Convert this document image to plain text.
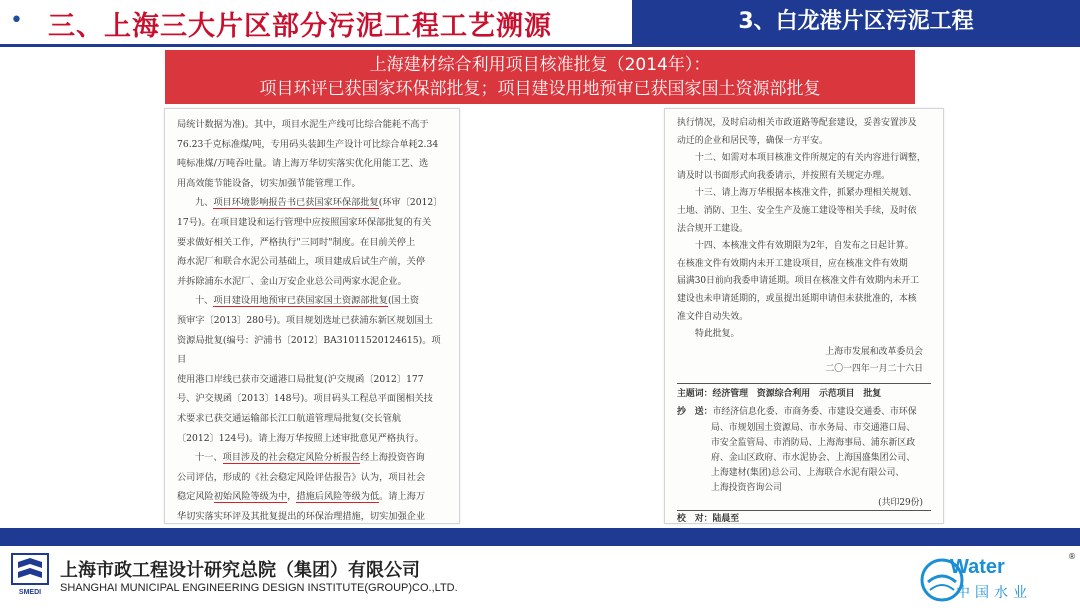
• 三、上海三大片区部分污泥工程工艺溯源	3、白龙港片区污泥工程
上海建材综合利用项目核准批复（2014年）：
项目环评已获国家环保部批复；项目建设用地预审已获国家国土资源部批复

局统计数据为准)。其中，项目水泥生产线可比综合能耗不高于

76.23千克标准煤/吨，专用码头装卸生产设计可比综合单耗2.34

吨标准煤/万吨吞吐量。请上海万华切实落实优化用能工艺、选

用高效能节能设备，切实加强节能管理工作。

九、项目环境影响报告书已获国家环保部批复(环审〔2012〕

17号)。在项目建设和运行管理中应按照国家环保部批复的有关

要求做好相关工作，严格执行"三同时"制度。在目前关停上

海水泥厂和联合水泥公司基础上，项目建成后试生产前，关停

并拆除浦东水泥厂、金山万安企业总公司两家水泥企业。

十、项目建设用地预审已获国家国土资源部批复(国土资

预审字〔2013〕280号)。项目规划选址已获浦东新区规划国土

资源局批复(编号：沪浦书〔2012〕BA31011520124615)。项目

使用港口岸线已获市交通港口局批复(沪交规函〔2012〕177

号、沪交规函〔2013〕148号)。项目码头工程总平面图相关技

术要求已获交通运输部长江口航道管理局批复(交长管航

〔2012〕124号)。请上海万华按照上述审批意见严格执行。

十一、项目涉及的社会稳定风险分析报告经上海投资咨询

公司评估，形成的《社会稳定风险评估报告》认为，项目社会

稳定风险初始风险等级为中，措施后风险等级为低。请上海万

华切实落实环评及其批复提出的环保治理措施，切实加强企业

执行情况，及时启动相关市政道路等配套建设，妥善安置涉及

动迁的企业和居民等，确保一方平安。

十二、如需对本项目核准文件所规定的有关内容进行调整，

请及时以书面形式向我委请示，并按照有关规定办理。

十三、请上海万华根据本核准文件，抓紧办理相关规划、

土地、消防、卫生、安全生产及施工建设等相关手续，及时依

法合规开工建设。

十四、本核准文件有效期限为2年，自发布之日起计算。

在核准文件有效期内未开工建设项目，应在核准文件有效期

届满30日前向我委申请延期。项目在核准文件有效期内未开工

建设也未申请延期的，或虽提出延期申请但未获批准的，本核

准文件自动失效。

特此批复。

上海市发展和改革委员会

二〇一四年一月二十六日

主题词：经济管理　资源综合利用　示范项目　批复

抄　送：市经济信息化委、市商务委、市建设交通委、市环保

局、市规划国土资源局、市水务局、市交通港口局、

市安全监管局、市消防局、上海海事局、浦东新区政

府、金山区政府、市水泥协会、上海国盛集团公司、

上海建材(集团)总公司、上海联合水泥有限公司、

上海投资咨询公司

(共印29份)

校　对：陆晨至

SMEDI
上海市政工程设计研究总院（集团）有限公司
SHANGHAI MUNICIPAL ENGINEERING DESIGN INSTITUTE(GROUP)CO.,LTD.
Water
中国水业
®
